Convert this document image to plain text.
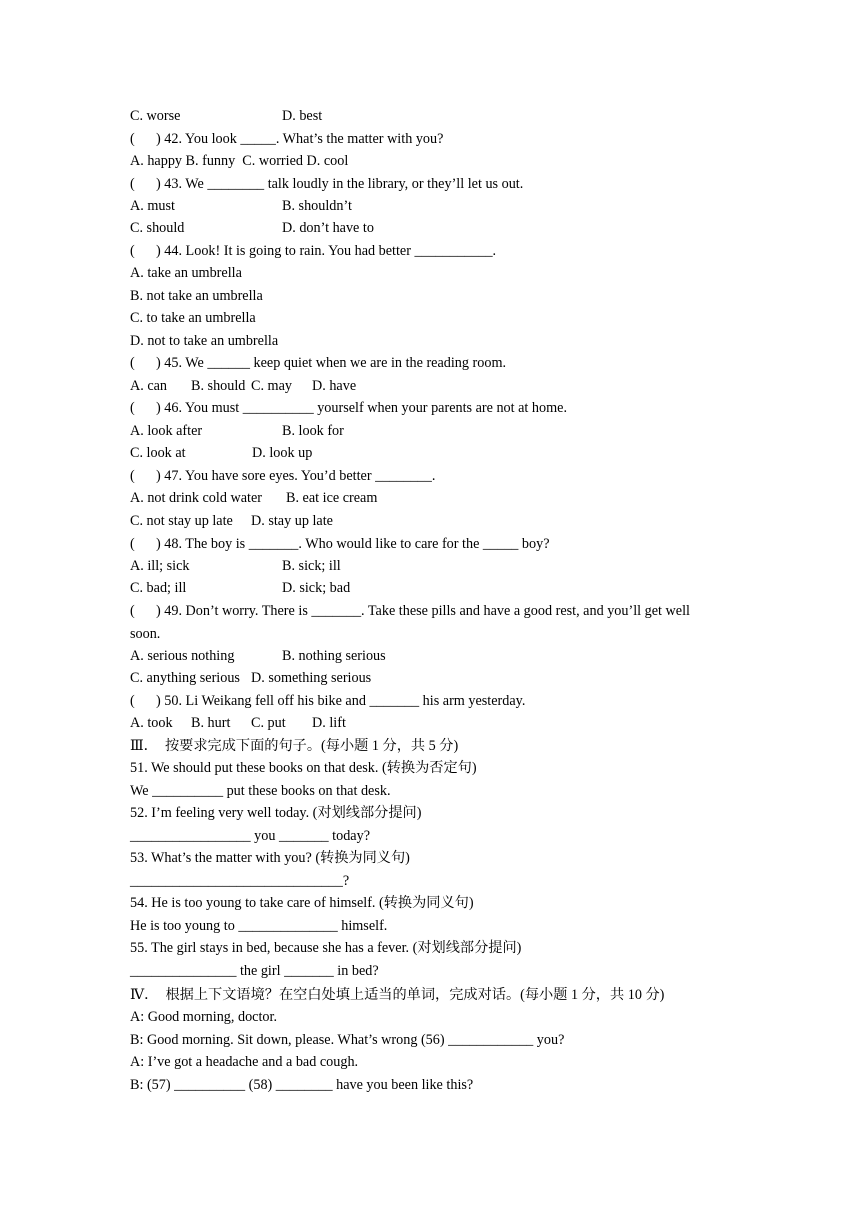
C. worse	D. best
(      ) 42. You look _____. What’s the matter with you?
A. happy B. funny  C. worried D. cool
(      ) 43. We ________ talk loudly in the library, or they’ll let us out.
A. must	B. shouldn’t
C. should	D. don’t have to
(      ) 44. Look! It is going to rain. You had better ___________.
A. take an umbrella
B. not take an umbrella
C. to take an umbrella
D. not to take an umbrella
(      ) 45. We ______ keep quiet when we are in the reading room.
A. can B. should C. may D. have
(      ) 46. You must __________ yourself when your parents are not at home.
A. look after	B. look for
C. look at	D. look up
(      ) 47. You have sore eyes. You’d better ________.
A. not drink cold water B. eat ice cream
C. not stay up late D. stay up late
(      ) 48. The boy is _______. Who would like to care for the _____ boy?
A. ill; sick	B. sick; ill
C. bad; ill	D. sick; bad
(      ) 49. Don’t worry. There is _______. Take these pills and have a good rest, and you’ll get well
soon.
A. serious nothing	B. nothing serious
C. anything serious D. something serious
(      ) 50. Li Weikang fell off his bike and _______ his arm yesterday.
A. took B. hurt C. put D. lift
Ⅲ．  按要求完成下面的句子。(每小题 1 分，共 5 分)
51. We should put these books on that desk. (转换为否定句)
We __________ put these books on that desk.
52. I’m feeling very well today. (对划线部分提问)
_________________ you _______ today?
53. What’s the matter with you? (转换为同义句)
______________________________?
54. He is too young to take care of himself. (转换为同义句)
He is too young to ______________ himself.
55. The girl stays in bed, because she has a fever. (对划线部分提问)
_______________ the girl _______ in bed?
Ⅳ．  根据上下文语境？在空白处填上适当的单词，完成对话。(每小题 1 分，共 10 分)
A: Good morning, doctor.
B: Good morning. Sit down, please. What’s wrong (56) ____________ you?
A: I’ve got a headache and a bad cough.
B: (57) __________ (58) ________ have you been like this?
